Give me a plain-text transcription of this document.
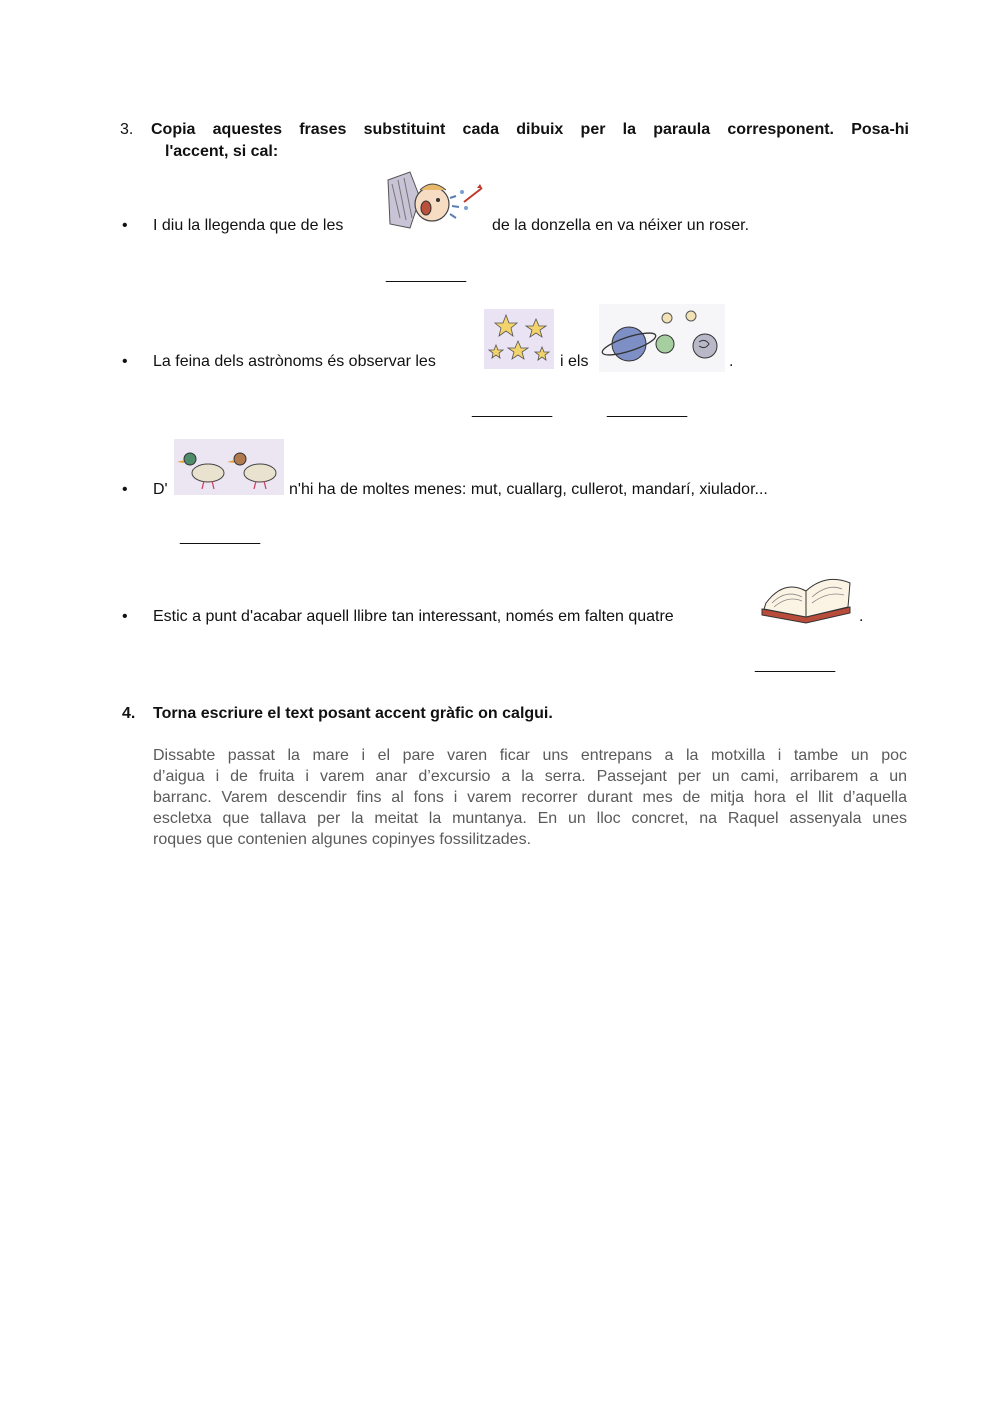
3. Copia aquestes frases substituint cada dibuix per la paraula corresponent. Posa-hi
l'accent, si cal:
• I diu la llegenda que de les	de la donzella en va néixer un roser.
_________
• La feina dels astrònoms és observar les	i els	.
_________	_________
• D'	n'hi ha de moltes menes: mut, cuallarg, cullerot, mandarí, xiulador...
_________
• Estic a punt d'acabar aquell llibre tan interessant, només em falten quatre	.
_________
4. Torna escriure el text posant accent gràfic on calgui.
Dissabte passat la mare i el pare varen ficar uns entrepans a la motxilla i tambe un poc
d’aigua i de fruita i varem anar d’excursio a la serra. Passejant per un cami, arribarem a un
barranc. Varem descendir fins al fons i varem recorrer durant mes de mitja hora el llit d’aquella
escletxa que tallava per la meitat la muntanya. En un lloc concret, na Raquel assenyala unes
roques que contenien algunes copinyes fossilitzades.
